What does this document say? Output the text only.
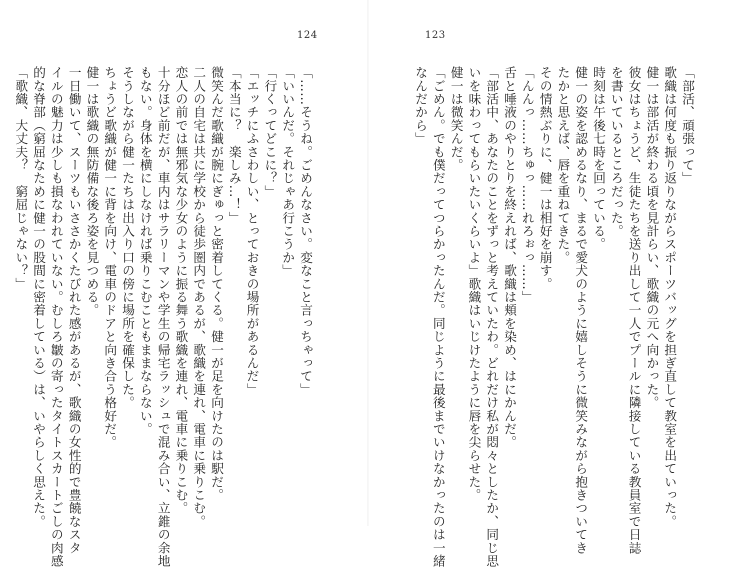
124
「……そうね。ごめんなさい。変なこと言っちゃって」
「いいんだ。それじゃあ行こうか」
「行くってどこに？」
「エッチにふさわしい、とっておきの場所があるんだ」
「本当に？　楽しみ…！」
微笑んだ歌織が腕にぎゅっと密着してくる。健一が足を向けたのは駅だ。
二人の自宅は共に学校から徒歩圏内であるが、歌織を連れ、電車に乗りこむ。
恋人の前では無邪気な少女のように振る舞う歌織を連れ、電車に乗りこむ。
十分ほど前だが、車内はサラリーマンや学生の帰宅ラッシュで混み合い、立錐の余地
もない。身体を横にしなければ乗りこむこともままならない。
そうしながら健一たちは出入り口の傍に場所を確保した。
ちょうど歌織が健一に背を向け、電車のドアと向き合う格好だ。
健一は歌織の無防備な後ろ姿を見つめる。
一日働いて、スーツもいささかくたびれた感があるが、歌織の女性的で豊饒なスタ
イルの魅力は少しも損なわれていない。むしろ皺の寄ったタイトスカートごしの肉感
的な脊部（窮屈なために健一の股間に密着している）は、いやらしく思えた。
「歌織、大丈夫？　窮屈じゃない？」
123
「部活、頑張って」
歌織は何度も振り返りながらスポーツバッグを担ぎ直して教室を出ていった。
健一は部活が終わる頃を見計らい、歌織の元へ向かった。
彼女はちょうど、生徒たちを送り出して一人でプールに隣接している教員室で日誌
を書いているところだった。
時刻は午後七時を回っている。
健一の姿を認めるなり、まるで愛犬のように嬉しそうに微笑みながら抱きついてき
たかと思えば、唇を重ねてきた。
その情熱ぶりに、健一は相好を崩す。
「んんっ……ちゅっ……れろぉっ……」
舌と唾液のやりとりを終えれば、歌織は頬を染め、はにかんだ。
「部活中、あなたのことをずっと考えていたわ。どれだけ私が悶々としたか、同じ思
いを味わってもらいたいくらいよ」歌織はいじけたように唇を尖らせた。
健一は微笑んだ。
「ごめん。でも僕だってつらかったんだ。同じように最後までいけなかったのは一緒
なんだから」
